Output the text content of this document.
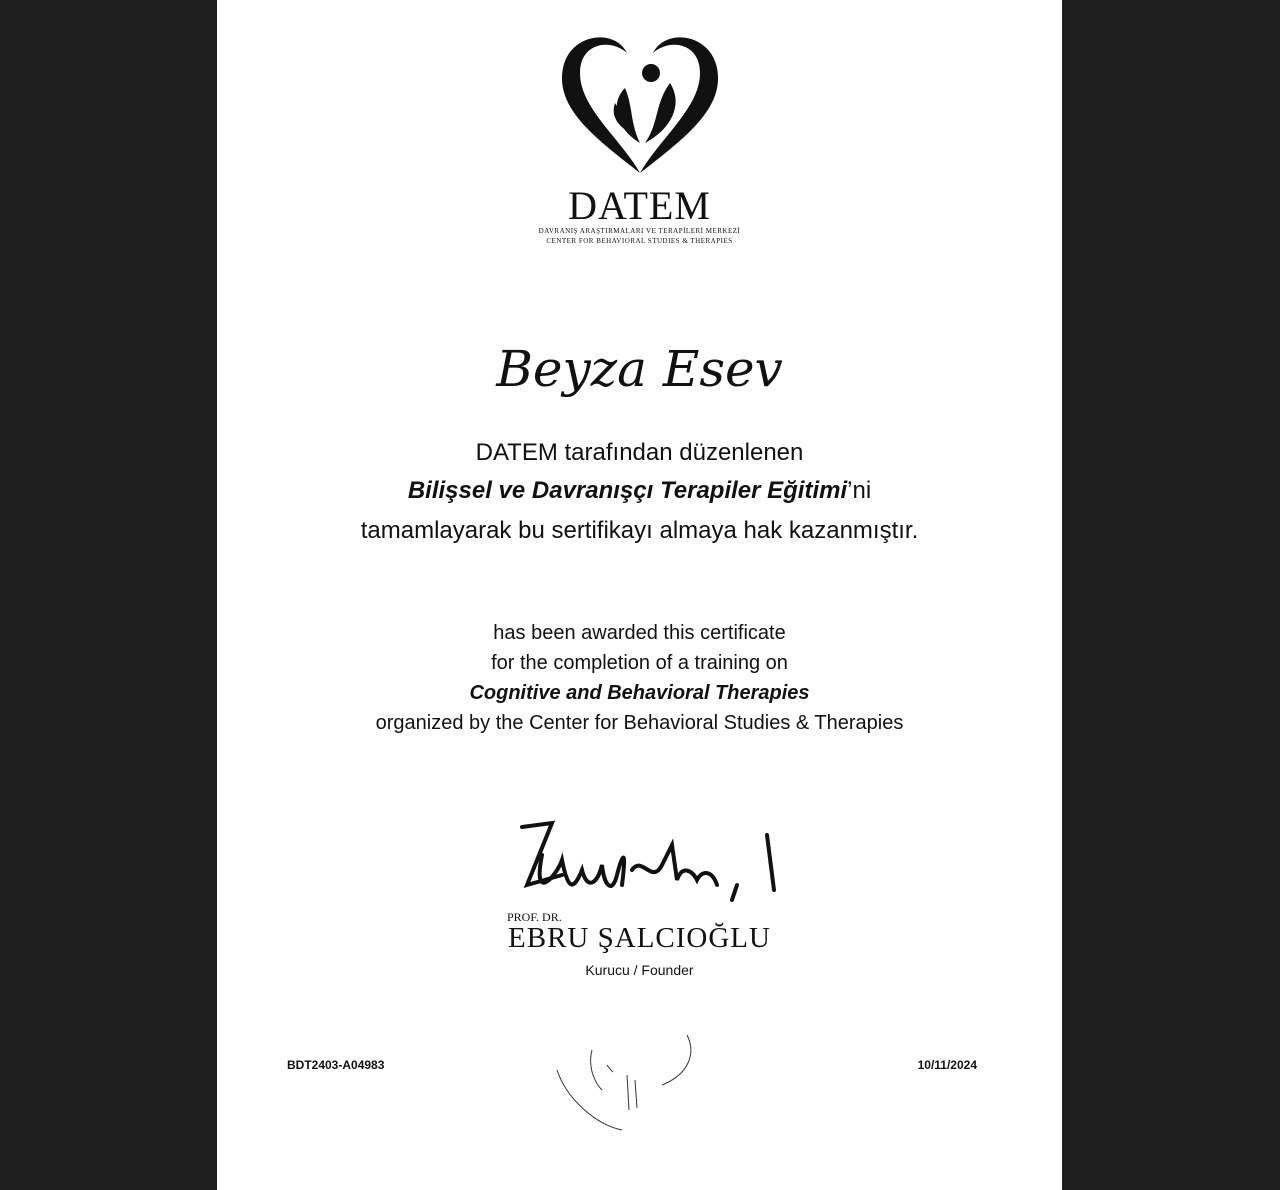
DATEM
DAVRANIŞ ARAŞTIRMALARI VE TERAPİLERİ MERKEZİ
CENTER FOR BEHAVIORAL STUDIES & THERAPIES
Beyza Esev
DATEM tarafından düzenlenen
Bilişsel ve Davranışçı Terapiler Eğitimi’ni
tamamlayarak bu sertifikayı almaya hak kazanmıştır.
has been awarded this certificate
for the completion of a training on
Cognitive and Behavioral Therapies
organized by the Center for Behavioral Studies & Therapies
PROF. DR.
EBRU ŞALCIOĞLU
Kurucu / Founder
BDT2403-A04983	10/11/2024
